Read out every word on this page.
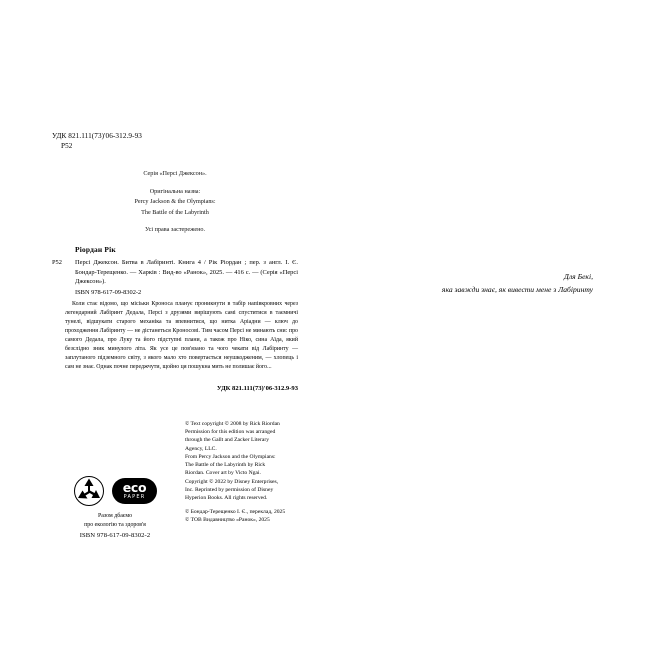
УДК 821.111(73)'06-312.9-93
Р52
Серія «Персі Джексон».
Оригінальна назва:
Percy Jackson & the Olympians:
The Battle of the Labyrinth
Усі права застережено.
Ріордан Рік
Р52	Персі Джексон. Битва в Лабіринті. Книга 4 / Рік Ріордан ; пер. з англ. І. Є. Бондар-Терещенко. — Харків : Вид-во «Ранок», 2025. — 416 с. — (Серія «Персі Джексон»).
ISBN 978-617-09-8302-2
Коли стає відомо, що місіьки Кроноса планує проникнути в табір напівкровних через легендарний Лабіринт Дедала, Персі з друзями вирішують самі спуститися в таємничі тунелі, відшукати старого механіка та впевнитися, що нитка Аріадни — ключ до проходження Лабіринту — не дістанеться Кроносові. Тим часом Персі не минають сни: про самого Дедала, про Луку та його підступні плани, а також про Ніко, сина Аїда, який безслідно зник минулого літа. Як усе це пов'язано та чого чекати від Лабіринту — заплутаного підземного світу, з якого мало хто повертається неушкодженим, — хлопець і сам не знає. Однак почне переджчути, щойно ця пошукна мить не полишає його...
УДК 821.111(73)'06-312.9-93
Для Бекі,
яка завжди знає, як вивести мене з Лабіринту

© Text copyright © 2008 by Rick Riordan

Permission for this edition was arranged

through the Gallt and Zacker Literary

Agency, LLC.

From Percy Jackson and the Olympians:

The Battle of the Labyrinth by Rick

Riordan. Cover art by Victo Ngai.

Copyright © 2022 by Disney Enterprises,

Inc. Reprinted by permission of Disney

Hyperion Books. All rights reserved.

© Бондар-Терещенко І. Є., переклад, 2025

© ТОВ Видавництво «Ранок», 2025

eco
PAPER
Разом дбаємо
про екологію та здоров'я
ISBN 978-617-09-8302-2
